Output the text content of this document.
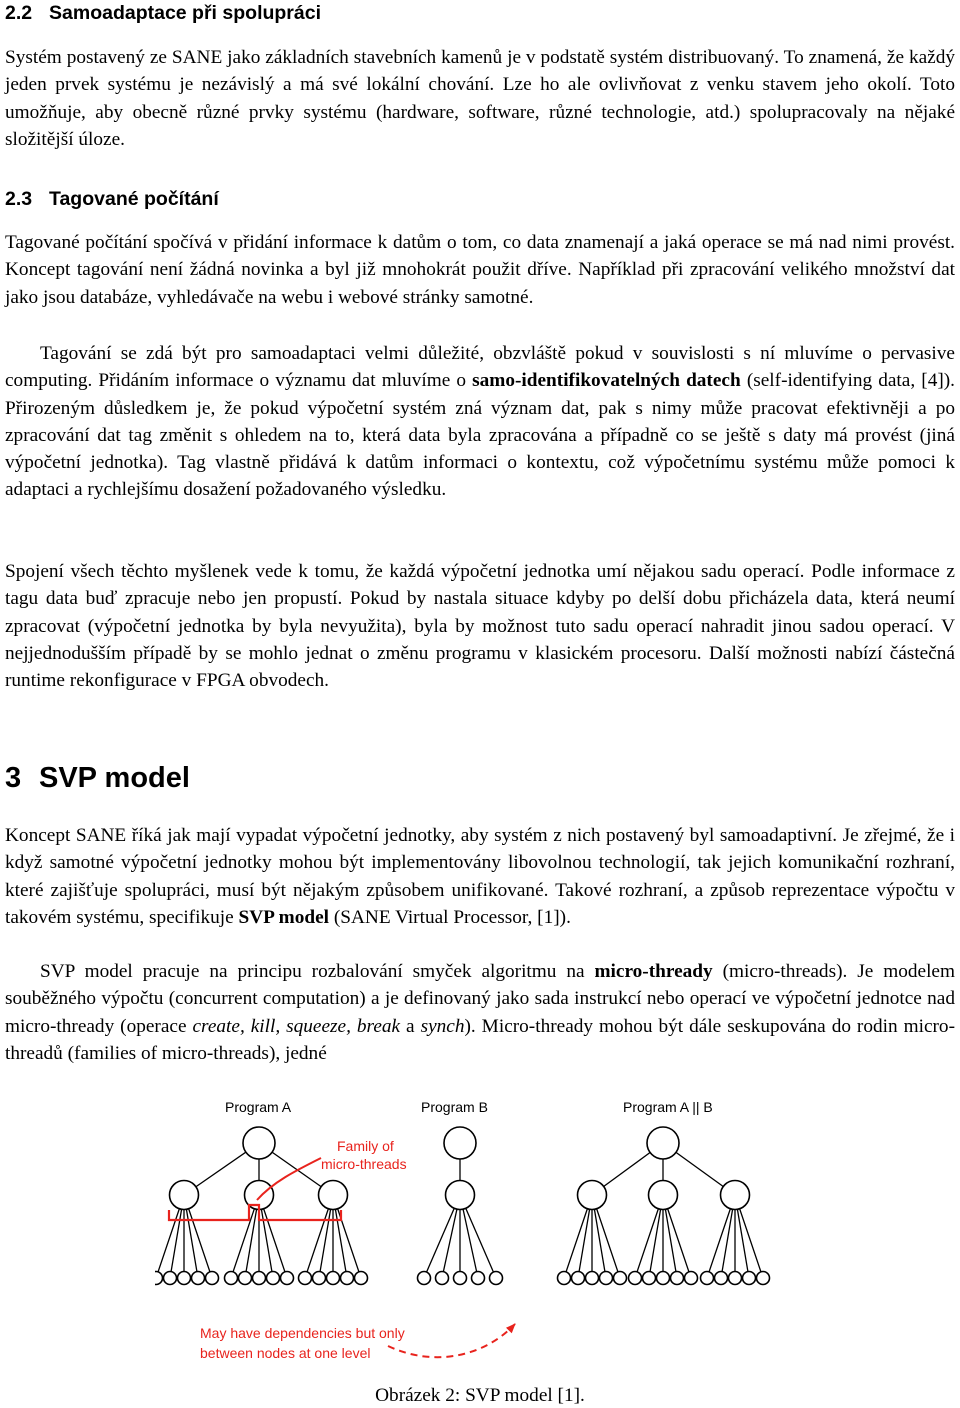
2.2 Samoadaptace při spolupráci

Systém postavený ze SANE jako základních stavebních kamenů je v podstatě systém distribuovaný. To znamená, že každý jeden prvek systému je nezávislý a má své lokální chování. Lze ho ale ovlivňovat z venku stavem jeho okolí. Toto umožňuje, aby obecně různé prvky systému (hardware, software, různé technologie, atd.) spolupracovaly na nějaké složitější úloze.

2.3 Tagované počítání

Tagované počítání spočívá v přidání informace k datům o tom, co data znamenají a jaká operace se má nad nimi provést. Koncept tagování není žádná novinka a byl již mnohokrát použit dříve. Například při zpracování velikého množství dat jako jsou databáze, vyhledávače na webu i webové stránky samotné.

Tagování se zdá být pro samoadaptaci velmi důležité, obzvláště pokud v souvislosti s ní mluvíme o pervasive computing. Přidáním informace o významu dat mluvíme o samo-identifikovatelných datech (self-identifying data, [4]). Přirozeným důsledkem je, že pokud výpočetní systém zná význam dat, pak s nimy může pracovat efektivněji a po zpracování dat tag změnit s ohledem na to, která data byla zpracována a případně co se ještě s daty má provést (jiná výpočetní jednotka). Tag vlastně přidává k datům informaci o kontextu, což výpočetnímu systému může pomoci k adaptaci a rychlejšímu dosažení požadovaného výsledku.

Spojení všech těchto myšlenek vede k tomu, že každá výpočetní jednotka umí nějakou sadu operací. Podle informace z tagu data buď zpracuje nebo jen propustí. Pokud by nastala situace kdyby po delší dobu přicházela data, která neumí zpracovat (výpočetní jednotka by byla nevyužita), byla by možnost tuto sadu operací nahradit jinou sadou operací. V nejjednodušším případě by se mohlo jednat o změnu programu v klasickém procesoru. Další možnosti nabízí částečná runtime rekonfigurace v FPGA obvodech.

3 SVP model

Koncept SANE říká jak mají vypadat výpočetní jednotky, aby systém z nich postavený byl samoadaptivní. Je zřejmé, že i když samotné výpočetní jednotky mohou být implementovány libovolnou technologií, tak jejich komunikační rozhraní, které zajišťuje spolupráci, musí být nějakým způsobem unifikované. Takové rozhraní, a způsob reprezentace výpočtu v takovém systému, specifikuje SVP model (SANE Virtual Processor, [1]).

SVP model pracuje na principu rozbalování smyček algoritmu na micro-thready (micro-threads). Je modelem souběžného výpočtu (concurrent computation) a je definovaný jako sada instrukcí nebo operací ve výpočetní jednotce nad micro-thready (operace create, kill, squeeze, break a synch). Micro-thready mohou být dále seskupována do rodin micro-threadů (families of micro-threads), jedné

Program A	Program B	Program A || B
Family of
micro-threads
May have dependencies but only
between nodes at one level
Obrázek 2: SVP model [1].
